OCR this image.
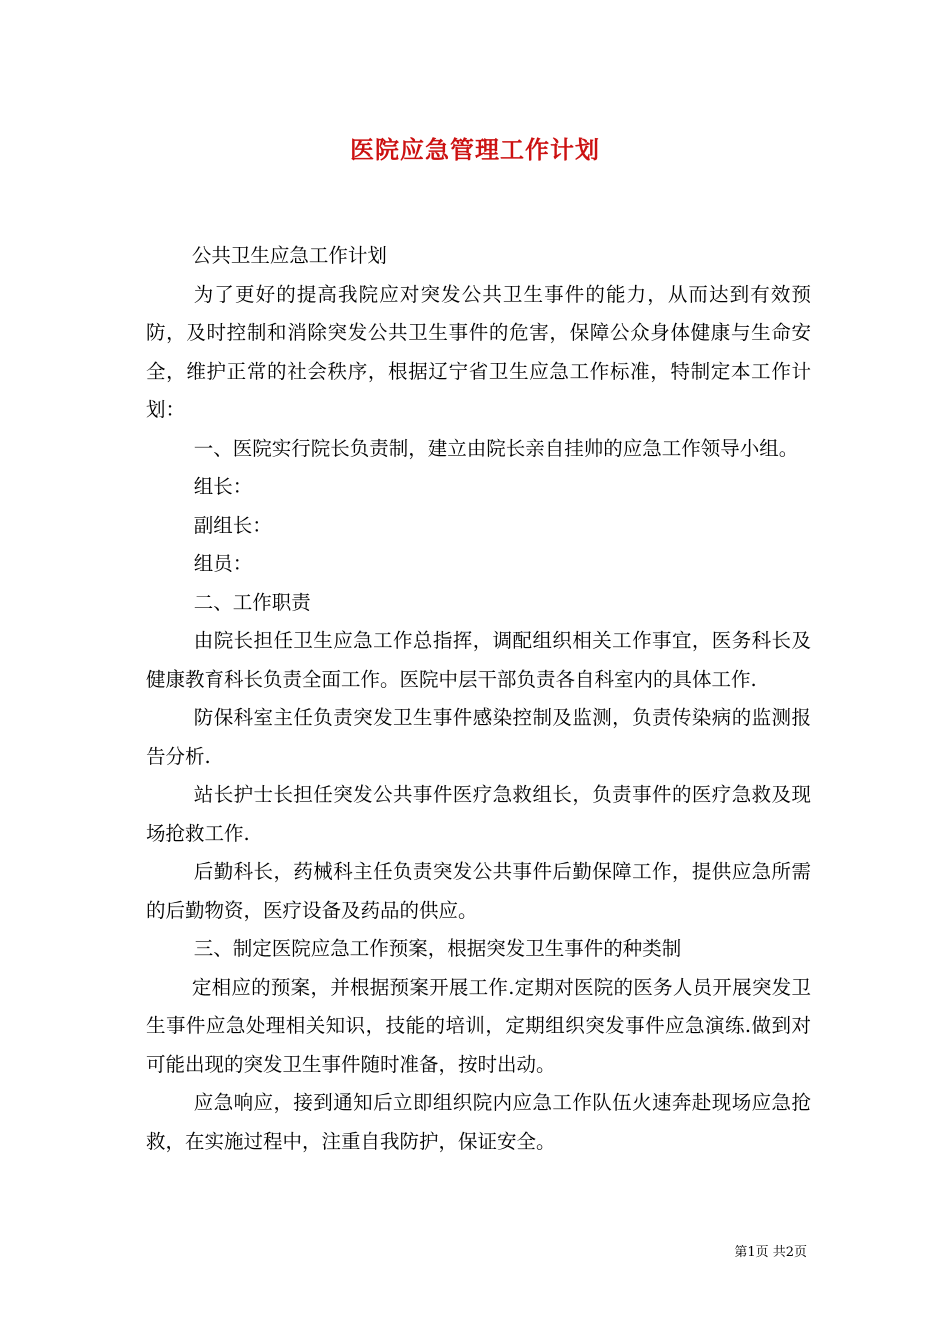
医院应急管理工作计划

公共卫生应急工作计划

为了更好的提高我院应对突发公共卫生事件的能力，从而达到有效预防，及时控制和消除突发公共卫生事件的危害，保障公众身体健康与生命安全，维护正常的社会秩序，根据辽宁省卫生应急工作标准，特制定本工作计划：

一、医院实行院长负责制，建立由院长亲自挂帅的应急工作领导小组。

组长：

副组长：

组员：

二、工作职责

由院长担任卫生应急工作总指挥，调配组织相关工作事宜，医务科长及健康教育科长负责全面工作。医院中层干部负责各自科室内的具体工作.

防保科室主任负责突发卫生事件感染控制及监测，负责传染病的监测报告分析.

站长护士长担任突发公共事件医疗急救组长，负责事件的医疗急救及现场抢救工作.

后勤科长，药械科主任负责突发公共事件后勤保障工作，提供应急所需的后勤物资，医疗设备及药品的供应。

三、制定医院应急工作预案，根据突发卫生事件的种类制

定相应的预案，并根据预案开展工作.定期对医院的医务人员开展突发卫生事件应急处理相关知识，技能的培训，定期组织突发事件应急演练.做到对可能出现的突发卫生事件随时准备，按时出动。

应急响应，接到通知后立即组织院内应急工作队伍火速奔赴现场应急抢救，在实施过程中，注重自我防护，保证安全。

第1页 共2页
